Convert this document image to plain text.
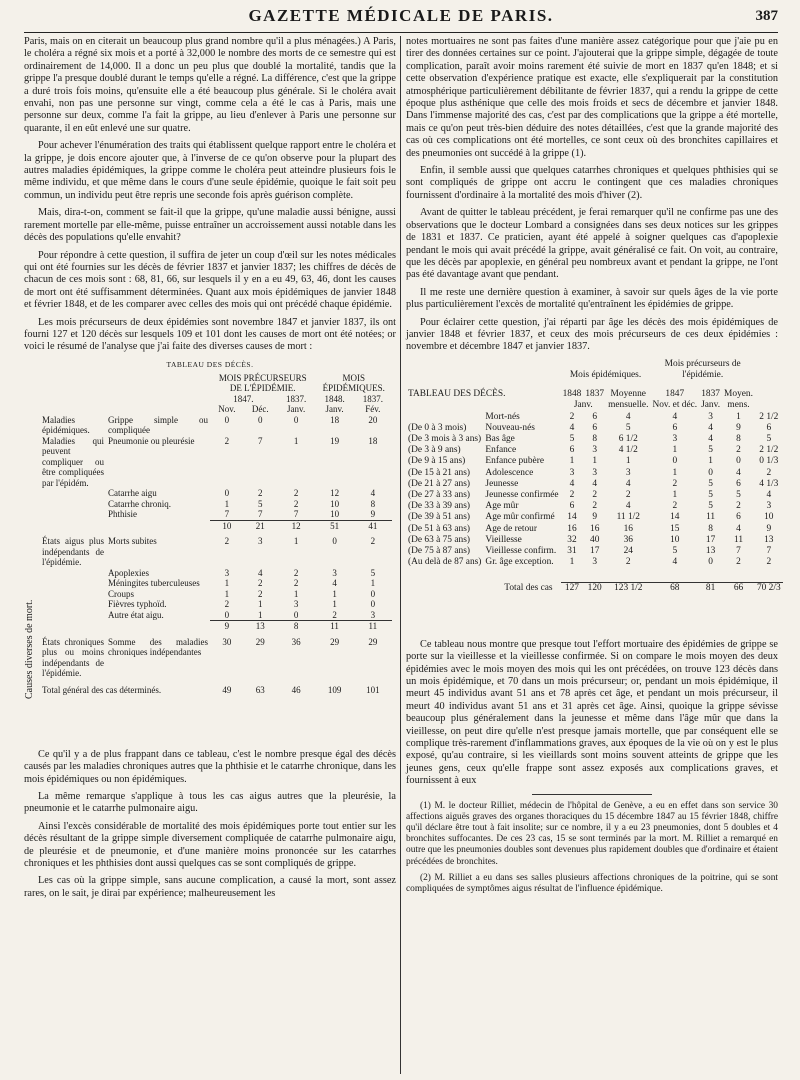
GAZETTE MÉDICALE DE PARIS.	387

Paris, mais on en citerait un beaucoup plus grand nombre qu'il a plus ménagées.) A Paris, le choléra a régné six mois et a porté à 32,000 le nombre des morts de ce semestre qui est ordinairement de 14,000. Il a donc un peu plus que doublé la mortalité, tandis que la grippe l'a presque doublé durant le temps qu'elle a régné. La différence, c'est que la grippe a duré trois fois moins, qu'ensuite elle a été beaucoup plus générale. Si le choléra avait envahi, non pas une personne sur vingt, comme cela a été le cas à Paris, mais une personne sur deux, comme l'a fait la grippe, au lieu d'enlever à Paris une personne sur quarante, il en eût enlevé une sur quatre.

Pour achever l'énumération des traits qui établissent quelque rapport entre le choléra et la grippe, je dois encore ajouter que, à l'inverse de ce qu'on observe pour la plupart des autres maladies épidémiques, la grippe comme le choléra peut atteindre plusieurs fois le même individu, et que même dans le cours d'une seule épidémie, quoique le fait soit peu commun, un individu peut être repris une seconde fois après guérison complète.

Mais, dira-t-on, comment se fait-il que la grippe, qu'une maladie aussi bénigne, aussi rarement mortelle par elle-même, puisse entraîner un accroissement aussi notable dans les décès des populations qu'elle envahit?

Pour répondre à cette question, il suffira de jeter un coup d'œil sur les notes médicales qui ont été fournies sur les décès de février 1837 et janvier 1837; les chiffres de décès de chacun de ces mois sont : 68, 81, 66, sur lesquels il y en a eu 49, 63, 46, dont les causes de mort ont été suffisamment déterminées. Quant aux mois épidémiques de janvier 1848 et février 1848, et de les comparer avec celles des mois qui ont précédé chaque épidémie.

Les mois précurseurs de deux épidémies sont novembre 1847 et janvier 1837, ils ont fourni 127 et 120 décès sur lesquels 109 et 101 dont les causes de mort ont été notées; or voici le résumé de l'analyse que j'ai faite des diverses causes de mort :

TABLEAU DES DÉCÈS.
Causes diverses de mort.
		MOIS PRÉCURSEURS DE L'ÉPIDÉMIE.			MOIS ÉPIDÉMIQUES.	
		1847.		1837.	1848.	1837.
		Nov.	Déc.	Janv.	Janv.	Fév.
Maladies épidémiques.	Grippe simple ou compliquée	0	0	0	18	20
Maladies qui peuvent compliquer ou être compliquées par l'épidém.	Pneumonie ou pleurésie	2	7	1	19	18
	Catarrhe aigu	0	2	2	12	4
	Catarrhe chroniq.	1	5	2	10	8
	Phthisie	7	7	7	10	9
		10	21	12	51	41
États aigus plus indépendants de l'épidémie.	Morts subites	2	3	1	0	2
	Apoplexies	3	4	2	3	5
	Méningites tuberculeuses	1	2	2	4	1
	Croups	1	2	1	1	0
	Fièvres typhoïd.	2	1	3	1	0
	Autre état aigu.	0	1	0	2	3
		9	13	8	11	11
États chroniques plus ou moins indépendants de l'épidémie.	Somme des maladies chroniques indépendantes	30	29	36	29	29
Total général des cas déterminés.		49	63	46	109	101

Ce qu'il y a de plus frappant dans ce tableau, c'est le nombre presque égal des décès causés par les maladies chroniques autres que la phthisie et le catarrhe chronique, dans les mois épidémiques ou non épidémiques.

La même remarque s'applique à tous les cas aigus autres que la pleurésie, la pneumonie et le catarrhe pulmonaire aigu.

Ainsi l'excès considérable de mortalité des mois épidémiques porte tout entier sur les décès résultant de la grippe simple diversement compliquée de catarrhe pulmonaire aigu, de pleurésie et de pneumonie, et d'une manière moins prononcée sur les catarrhes chroniques et les phthisies dont aussi quelques cas se sont compliqués de grippe.

Les cas où la grippe simple, sans aucune complication, a causé la mort, sont assez rares, on le sait, je dirai par expérience; malheureusement les

notes mortuaires ne sont pas faites d'une manière assez catégorique pour que j'aie pu en tirer des données certaines sur ce point. J'ajouterai que la grippe simple, dégagée de toute complication, paraît avoir moins rarement été suivie de mort en 1837 qu'en 1848; et si cette observation d'expérience pratique est exacte, elle s'expliquerait par la constitution atmosphérique particulièrement débilitante de février 1837, qui a rendu la grippe de cette époque plus asthénique que celle des mois froids et secs de décembre et janvier 1848. Dans l'immense majorité des cas, c'est par des complications que la grippe a été mortelle, mais ce qu'on peut très-bien déduire des notes détaillées, c'est que la grande majorité des cas où ces complications ont été mortelles, ce sont ceux où des bronchites capillaires et des pneumonies ont succédé à la grippe (1).

Enfin, il semble aussi que quelques catarrhes chroniques et quelques phthisies qui se sont compliqués de grippe ont accru le contingent que ces maladies chroniques fournissent d'ordinaire à la mortalité des mois d'hiver (2).

Avant de quitter le tableau précédent, je ferai remarquer qu'il ne confirme pas une des observations que le docteur Lombard a consignées dans ses deux notices sur les grippes de 1831 et 1837. Ce praticien, ayant été appelé à soigner quelques cas d'apoplexie pendant le mois qui avait précédé la grippe, avait généralisé ce fait. On voit, au contraire, que les décès par apoplexie, en général peu nombreux avant et pendant la grippe, ne l'ont pas été davantage avant que pendant.

Il me reste une dernière question à examiner, à savoir sur quels âges de la vie porte plus particulièrement l'excès de mortalité qu'entraînent les épidémies de grippe.

Pour éclairer cette question, j'ai réparti par âge les décès des mois épidémiques de janvier 1848 et février 1837, et ceux des mois précurseurs de ces deux épidémies : novembre et décembre 1847 et janvier 1837.

		Mois épidémiques.			Mois précurseurs de l'épidémie.			
TABLEAU DES DÉCÈS.		1848	1837	Moyenne	1847	1837	Moyen.	
		Janv.		mensuelle.	Nov. et déc.	Janv.	mens.	
	Mort-nés	2	6	4	4	3	1	2 1/2
(De 0 à 3 mois)	Nouveau-nés	4	6	5	6	4	9	6
(De 3 mois à 3 ans)	Bas âge	5	8	6 1/2	3	4	8	5
(De 3 à 9 ans)	Enfance	6	3	4 1/2	1	5	2	2 1/2
(De 9 à 15 ans)	Enfance pubère	1	1	1	0	1	0	0 1/3
(De 15 à 21 ans)	Adolescence	3	3	3	1	0	4	2
(De 21 à 27 ans)	Jeunesse	4	4	4	2	5	6	4 1/3
(De 27 à 33 ans)	Jeunesse confirmée	2	2	2	1	5	5	4
(De 33 à 39 ans)	Age mûr	6	2	4	2	5	2	3
(De 39 à 51 ans)	Age mûr confirmé	14	9	11 1/2	14	11	6	10
(De 51 à 63 ans)	Age de retour	16	16	16	15	8	4	9
(De 63 à 75 ans)	Vieillesse	32	40	36	10	17	11	13
(De 75 à 87 ans)	Vieillesse confirm.	31	17	24	5	13	7	7
(Au delà de 87 ans)	Gr. âge exception.	1	3	2	4	0	2	2

Total des cas		127	120	123 1/2	68	81	66	70 2/3

Ce tableau nous montre que presque tout l'effort mortuaire des épidémies de grippe se porte sur la vieillesse et la vieillesse confirmée. Si on compare le mois moyen des deux épidémies avec le mois moyen des mois qui les ont précédées, on trouve 123 décès dans un mois épidémique, et 70 dans un mois précurseur; or, pendant un mois épidémique, il meurt 45 individus avant 51 ans et 78 après cet âge, et pendant un mois précurseur, il meurt 40 individus avant 51 ans et 31 après cet âge. Ainsi, quoique la grippe sévisse beaucoup plus généralement dans la jeunesse et même dans l'âge mûr que dans la vieillesse, on peut dire qu'elle n'est presque jamais mortelle, que par conséquent elle se complique très-rarement d'inflammations graves, aux époques de la vie où on y est le plus exposé, qu'au contraire, si les vieillards sont moins souvent atteints de grippe que les jeunes gens, ceux qu'elle frappe sont assez exposés aux complications graves, et fournissent à eux

(1) M. le docteur Rilliet, médecin de l'hôpital de Genève, a eu en effet dans son service 30 affections aiguës graves des organes thoraciques du 15 décembre 1847 au 15 février 1848, chiffre qu'il déclare être tout à fait insolite; sur ce nombre, il y a eu 23 pneumonies, dont 5 doubles et 4 bronchites suffocantes. De ces 23 cas, 15 se sont terminés par la mort. M. Rilliet a remarqué en outre que les pneumonies doubles sont devenues plus rapidement doubles que d'ordinaire et étaient précédées de bronchites.

(2) M. Rilliet a eu dans ses salles plusieurs affections chroniques de la poitrine, qui se sont compliquées de symptômes aigus résultat de l'influence épidémique.
